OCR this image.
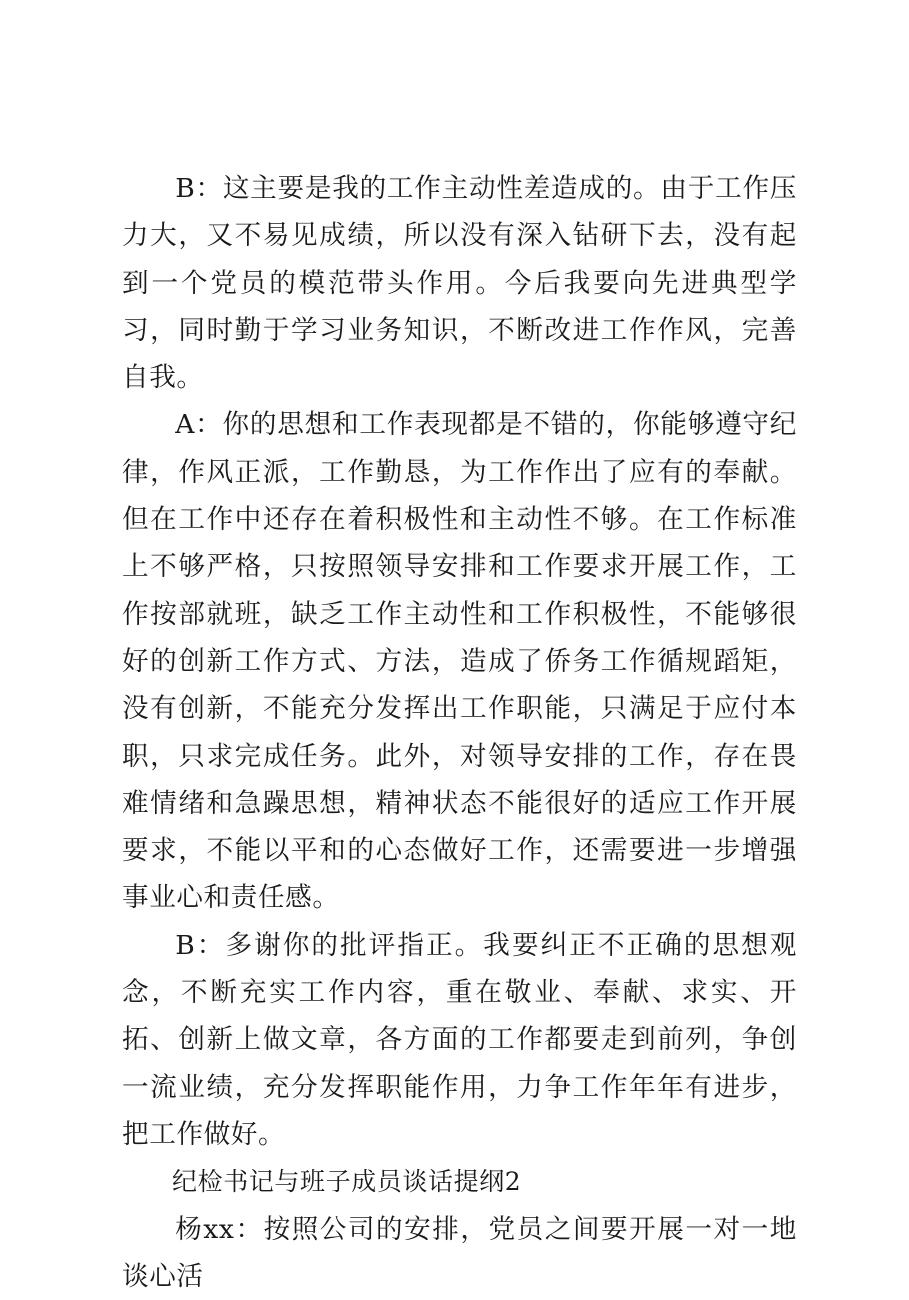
B：这主要是我的工作主动性差造成的。由于工作压力大，又不易见成绩，所以没有深入钻研下去，没有起到一个党员的模范带头作用。今后我要向先进典型学习，同时勤于学习业务知识，不断改进工作作风，完善自我。

A：你的思想和工作表现都是不错的，你能够遵守纪律，作风正派，工作勤恳，为工作作出了应有的奉献。但在工作中还存在着积极性和主动性不够。在工作标准上不够严格，只按照领导安排和工作要求开展工作，工作按部就班，缺乏工作主动性和工作积极性，不能够很好的创新工作方式、方法，造成了侨务工作循规蹈矩，没有创新，不能充分发挥出工作职能，只满足于应付本职，只求完成任务。此外，对领导安排的工作，存在畏难情绪和急躁思想，精神状态不能很好的适应工作开展要求，不能以平和的心态做好工作，还需要进一步增强事业心和责任感。

B：多谢你的批评指正。我要纠正不正确的思想观念，不断充实工作内容，重在敬业、奉献、求实、开拓、创新上做文章，各方面的工作都要走到前列，争创一流业绩，充分发挥职能作用，力争工作年年有进步，把工作做好。

纪检书记与班子成员谈话提纲2

杨xx：按照公司的安排，党员之间要开展一对一地谈心活
